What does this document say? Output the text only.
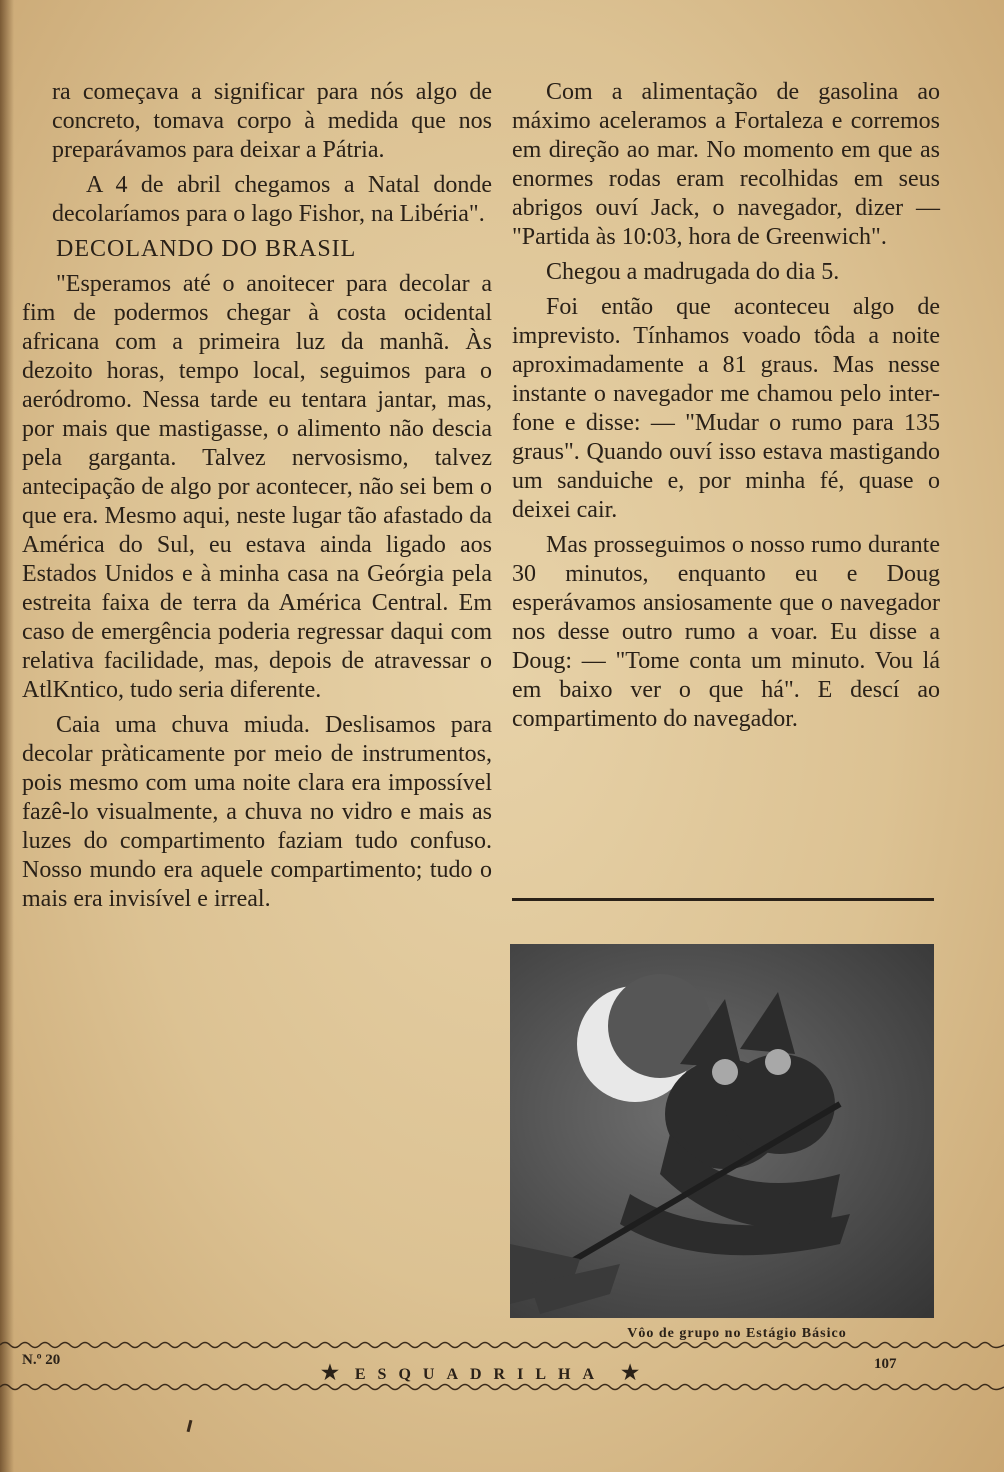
ra começava a significar para nós algo de concreto, tomava corpo à medida que nos preparávamos para deixar a Pátria.

A 4 de abril chegamos a Natal donde decolaríamos para o lago Fishor, na Libéria".

DECOLANDO DO BRASIL

"Esperamos até o anoitecer para decolar a fim de podermos chegar à costa ocidental africana com a primeira luz da manhã. Às dezoito horas, tempo local, seguimos para o aeródromo. Nessa tarde eu tentara jantar, mas, por mais que mastigasse, o alimento não descia pela garganta. Talvez nervosismo, talvez antecipação de algo por acontecer, não sei bem o que era. Mesmo aqui, neste lugar tão afastado da América do Sul, eu estava ainda ligado aos Estados Unidos e à minha casa na Geórgia pela estreita faixa de terra da América Central. Em caso de emergência poderia regressar daqui com relativa facilidade, mas, depois de atravessar o AtlKntico, tudo seria diferente.

Caia uma chuva miuda. Deslisamos para decolar pràticamente por meio de instrumentos, pois mesmo com uma noite clara era impossível fazê-lo visualmente, a chuva no vidro e mais as luzes do compartimento faziam tudo confuso. Nosso mundo era aquele compartimento; tudo o mais era invisível e irreal.

Com a alimentação de gasolina ao máximo aceleramos a Fortaleza e corremos em direção ao mar. No momento em que as enormes rodas eram recolhidas em seus abrigos ouví Jack, o navegador, dizer — "Partida às 10:03, hora de Greenwich".

Chegou a madrugada do dia 5.

Foi então que aconteceu algo de imprevisto. Tínhamos voado tôda a noite aproximadamente a 81 graus. Mas nesse instante o navegador me chamou pelo inter-fone e disse: — "Mudar o rumo para 135 graus". Quando ouví isso estava mastigando um sanduiche e, por minha fé, quase o deixei cair.

Mas prosseguimos o nosso rumo durante 30 minutos, enquanto eu e Doug esperávamos ansiosamente que o navegador nos desse outro rumo a voar. Eu disse a Doug: — "Tome conta um minuto. Vou lá em baixo ver o que há". E descí ao compartimento do navegador.

Vôo de grupo no Estágio Básico
N.º 20
★ ESQUADRILHA ★	107
